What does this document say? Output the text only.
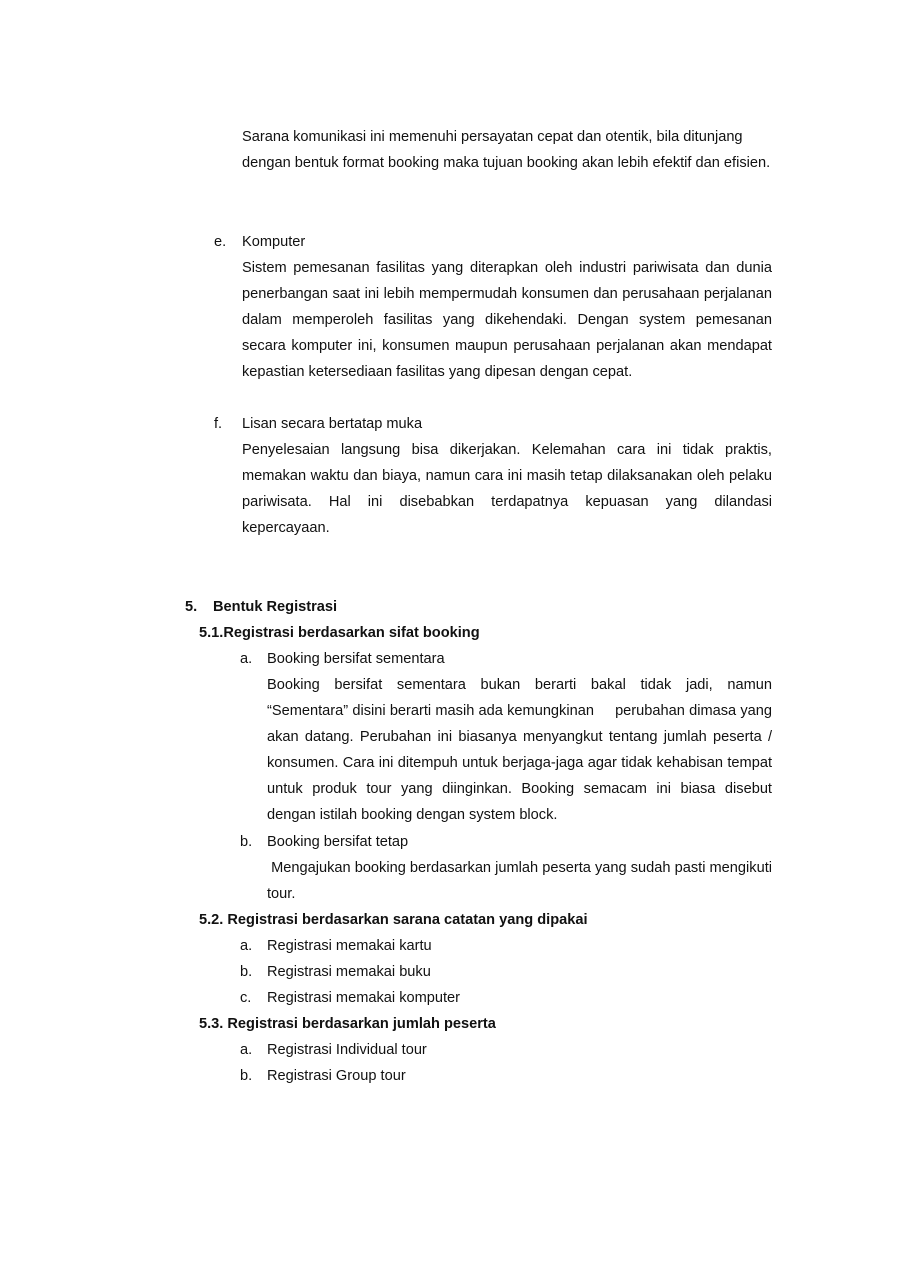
Sarana komunikasi ini memenuhi persayatan cepat dan otentik, bila ditunjang dengan bentuk format booking maka tujuan booking akan lebih efektif dan efisien.
e. Komputer
Sistem pemesanan fasilitas yang diterapkan oleh industri pariwisata dan dunia penerbangan saat ini lebih mempermudah konsumen dan perusahaan perjalanan dalam memperoleh fasilitas yang dikehendaki. Dengan system pemesanan secara komputer ini, konsumen maupun perusahaan perjalanan akan mendapat kepastian ketersediaan fasilitas yang dipesan dengan cepat.
f. Lisan secara bertatap muka
Penyelesaian langsung bisa dikerjakan. Kelemahan cara ini tidak praktis, memakan waktu dan biaya, namun cara ini masih tetap dilaksanakan oleh pelaku pariwisata. Hal ini disebabkan terdapatnya kepuasan yang dilandasi kepercayaan.
5. Bentuk Registrasi
5.1.Registrasi berdasarkan sifat booking
a. Booking bersifat sementara
Booking bersifat sementara bukan berarti bakal tidak jadi, namun “Sementara” disini berarti masih ada kemungkinan     perubahan dimasa yang akan datang. Perubahan ini biasanya menyangkut tentang jumlah peserta / konsumen. Cara ini ditempuh untuk berjaga-jaga agar tidak kehabisan tempat untuk produk tour yang diinginkan. Booking semacam ini biasa disebut dengan istilah booking dengan system block.
b. Booking bersifat tetap
Mengajukan booking berdasarkan jumlah peserta yang sudah pasti mengikuti tour.
5.2. Registrasi berdasarkan sarana catatan yang dipakai
a. Registrasi memakai kartu
b. Registrasi memakai buku
c. Registrasi memakai komputer
5.3. Registrasi berdasarkan jumlah peserta
a. Registrasi Individual tour
b. Registrasi Group tour
